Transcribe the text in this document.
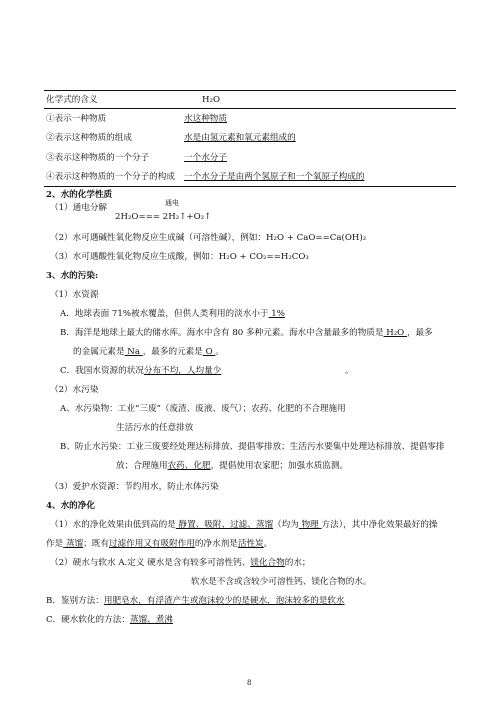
化学式的含义	H₂O
①表示一种物质	水这种物质
②表示这种物质的组成	水是由氢元素和氧元素组成的
③表示这种物质的一个分子	一个水分子
④表示这种物质的一个分子的构成 一个水分子是由两个氢原子和一个氧原子构成的
2、水的化学性质
（1）通电分解	通电
2H₂O=== 2H₂↑+O₂↑
（2）水可遇碱性氧化物反应生成碱（可溶性碱），例如：H₂O + CaO==Ca(OH)₂
（3）水可遇酸性氧化物反应生成酸，例如：H₂O + CO₂==H₂CO₃
3、水的污染:
（1）水资源
A．地球表面 71%被水覆盖，但供人类利用的淡水小于 1%
B．海洋是地球上最大的储水库。海水中含有 80 多种元素。海水中含量最多的物质是 H₂O ，最多
的金属元素是 Na ，最多的元素是 O 。
C．我国水资源的状况分布不均，人均量少	。
（2）水污染
A、水污染物：工业“三废”（废渣、废液、废气）；农药、化肥的不合理施用
生活污水的任意排放
B、防止水污染：工业三废要经处理达标排放、提倡零排放；生活污水要集中处理达标排放、提倡零排
放；合理施用农药、化肥，提倡使用农家肥；加强水质监测。
（3）爱护水资源：节约用水，防止水体污染
4、水的净化
（1）水的净化效果由低到高的是 静置、吸附、过滤、蒸馏（均为 物理 方法），其中净化效果最好的操
作是 蒸馏；既有过滤作用又有吸附作用的净水剂是活性炭。
（2）硬水与软水 A.定义 硬水是含有较多可溶性钙、镁化合物的水；
软水是不含或含较少可溶性钙、镁化合物的水。
B．鉴别方法：用肥皂水，有浮渣产生或泡沫较少的是硬水，泡沫较多的是软水
C．硬水软化的方法：蒸馏、煮沸
8
